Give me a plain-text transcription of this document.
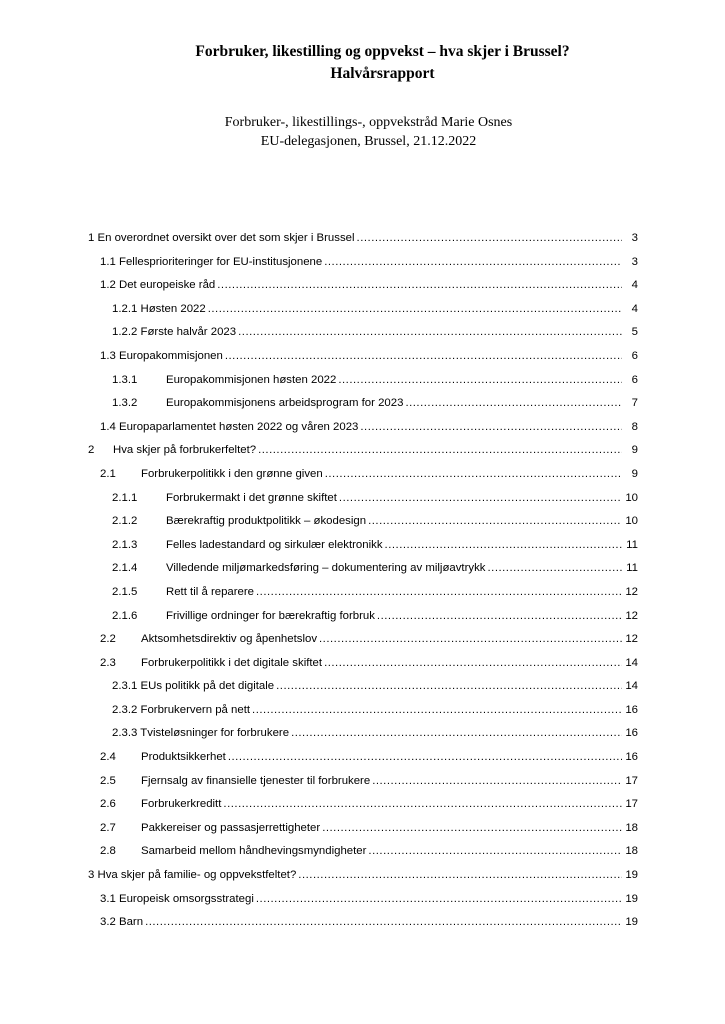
Forbruker, likestilling og oppvekst – hva skjer i Brussel?

Halvårsrapport

Forbruker-, likestillings-, oppvekstråd Marie Osnes
EU-delegasjonen, Brussel, 21.12.2022
1 En overordnet oversikt over det som skjer i Brussel .....	3
1.1 Fellesprioriteringer for EU-institusjonene .....	3
1.2 Det europeiske råd .....	4
1.2.1 Høsten 2022 .....	4
1.2.2 Første halvår 2023 .....	5
1.3 Europakommisjonen .....	6
1.3.1	Europakommisjonen høsten 2022 .....	6
1.3.2	Europakommisjonens arbeidsprogram for 2023 .....	7
1.4 Europaparlamentet høsten 2022 og våren 2023 .....	8
2	Hva skjer på forbrukerfeltet? .....	9
2.1	Forbrukerpolitikk i den grønne given .....	9
2.1.1	Forbrukermakt i det grønne skiftet .....	10
2.1.2	Bærekraftig produktpolitikk – økodesign .....	10
2.1.3	Felles ladestandard og sirkulær elektronikk .....	11
2.1.4	Villedende miljømarkedsføring – dokumentering av miljøavtrykk .....	11
2.1.5	Rett til å reparere .....	12
2.1.6	Frivillige ordninger for bærekraftig forbruk .....	12
2.2	Aktsomhetsdirektiv og åpenhetslov .....	12
2.3	Forbrukerpolitikk i det digitale skiftet .....	14
2.3.1 EUs politikk på det digitale .....	14
2.3.2 Forbrukervern på nett .....	16
2.3.3 Tvisteløsninger for forbrukere .....	16
2.4	Produktsikkerhet .....	16
2.5	Fjernsalg av finansielle tjenester til forbrukere .....	17
2.6	Forbrukerkreditt .....	17
2.7	Pakkereiser og passasjerrettigheter .....	18
2.8	Samarbeid mellom håndhevingsmyndigheter .....	18
3 Hva skjer på familie- og oppvekstfeltet? .....	19
3.1 Europeisk omsorgsstrategi .....	19
3.2 Barn .....	19
